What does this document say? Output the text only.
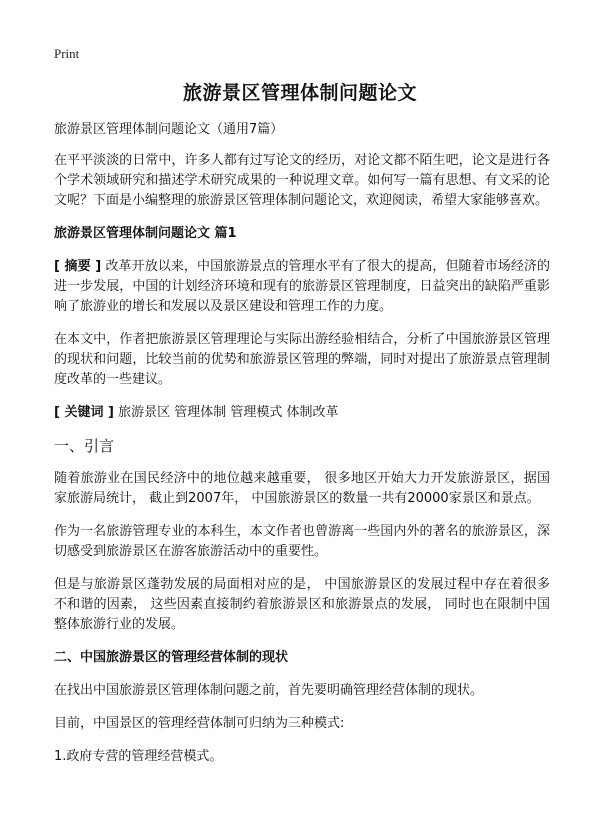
Print
旅游景区管理体制问题论文

旅游景区管理体制问题论文（通用7篇）

在平平淡淡的日常中，许多人都有过写论文的经历，对论文都不陌生吧，论文是进行各个学术领域研究和描述学术研究成果的一种说理文章。如何写一篇有思想、有文采的论文呢？下面是小编整理的旅游景区管理体制问题论文，欢迎阅读，希望大家能够喜欢。

旅游景区管理体制问题论文 篇1

[ 摘要 ] 改革开放以来，中国旅游景点的管理水平有了很大的提高，但随着市场经济的进一步发展，中国的计划经济环境和现有的旅游景区管理制度，日益突出的缺陷严重影响了旅游业的增长和发展以及景区建设和管理工作的力度。

在本文中，作者把旅游景区管理理论与实际出游经验相结合，分析了中国旅游景区管理的现状和问题，比较当前的优势和旅游景区管理的弊端，同时对提出了旅游景点管理制度改革的一些建议。

[ 关键词 ] 旅游景区 管理体制 管理模式 体制改革

一、引言

随着旅游业在国民经济中的地位越来越重要， 很多地区开始大力开发旅游景区，据国家旅游局统计， 截止到2007年， 中国旅游景区的数量一共有20000家景区和景点。

作为一名旅游管理专业的本科生，本文作者也曾游离一些国内外的著名的旅游景区，深切感受到旅游景区在游客旅游活动中的重要性。

但是与旅游景区蓬勃发展的局面相对应的是， 中国旅游景区的发展过程中存在着很多不和谐的因素， 这些因素直接制约着旅游景区和旅游景点的发展， 同时也在限制中国整体旅游行业的发展。

二、中国旅游景区的管理经营体制的现状

在找出中国旅游景区管理体制问题之前，首先要明确管理经营体制的现状。

目前，中国景区的管理经营体制可归纳为三种模式:

1.政府专营的管理经营模式。
